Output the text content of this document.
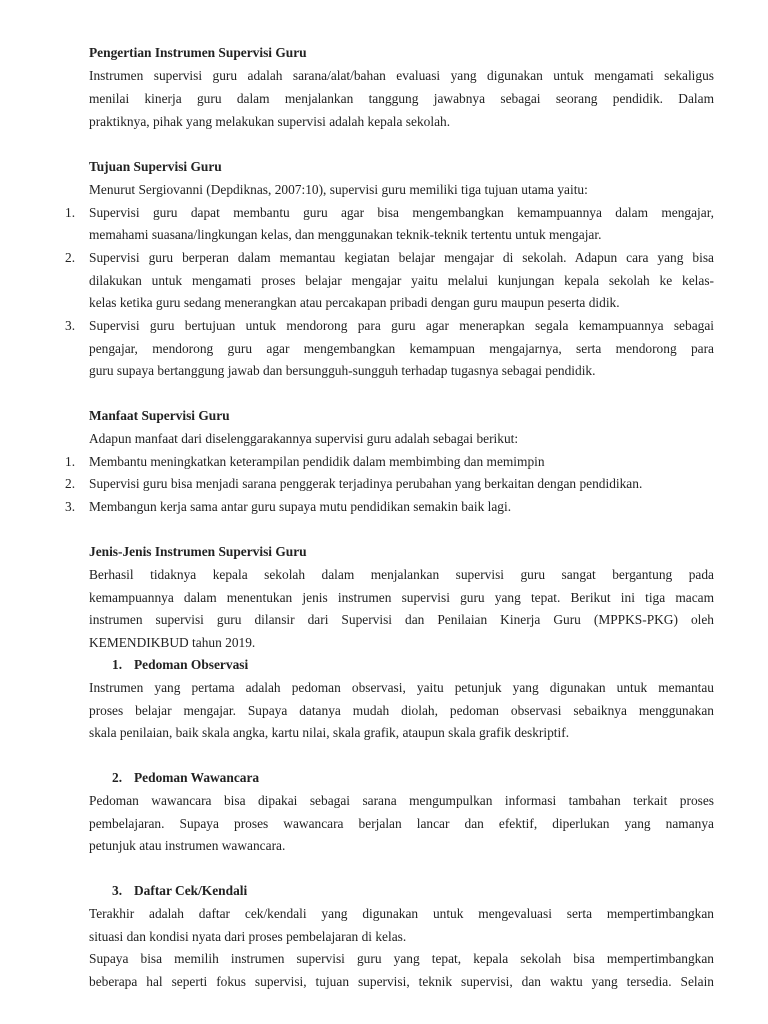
Pengertian Instrumen Supervisi Guru
Instrumen supervisi guru adalah sarana/alat/bahan evaluasi yang digunakan untuk mengamati sekaligus
menilai kinerja guru dalam menjalankan tanggung jawabnya sebagai seorang pendidik. Dalam
praktiknya, pihak yang melakukan supervisi adalah kepala sekolah.
Tujuan Supervisi Guru
Menurut Sergiovanni (Depdiknas, 2007:10), supervisi guru memiliki tiga tujuan utama yaitu:
1. Supervisi guru dapat membantu guru agar bisa mengembangkan kemampuannya dalam mengajar,
memahami suasana/lingkungan kelas, dan menggunakan teknik-teknik tertentu untuk mengajar.
2. Supervisi guru berperan dalam memantau kegiatan belajar mengajar di sekolah. Adapun cara yang bisa
dilakukan untuk mengamati proses belajar mengajar yaitu melalui kunjungan kepala sekolah ke kelas-
kelas ketika guru sedang menerangkan atau percakapan pribadi dengan guru maupun peserta didik.
3. Supervisi guru bertujuan untuk mendorong para guru agar menerapkan segala kemampuannya sebagai
pengajar, mendorong guru agar mengembangkan kemampuan mengajarnya, serta mendorong para
guru supaya bertanggung jawab dan bersungguh-sungguh terhadap tugasnya sebagai pendidik.
Manfaat Supervisi Guru
Adapun manfaat dari diselenggarakannya supervisi guru adalah sebagai berikut:
1. Membantu meningkatkan keterampilan pendidik dalam membimbing dan memimpin
2. Supervisi guru bisa menjadi sarana penggerak terjadinya perubahan yang berkaitan dengan pendidikan.
3. Membangun kerja sama antar guru supaya mutu pendidikan semakin baik lagi.
Jenis-Jenis Instrumen Supervisi Guru
Berhasil tidaknya kepala sekolah dalam menjalankan supervisi guru sangat bergantung pada
kemampuannya dalam menentukan jenis instrumen supervisi guru yang tepat. Berikut ini tiga macam
instrumen supervisi guru dilansir dari Supervisi dan Penilaian Kinerja Guru (MPPKS-PKG) oleh
KEMENDIKBUD tahun 2019.
1. Pedoman Observasi
Instrumen yang pertama adalah pedoman observasi, yaitu petunjuk yang digunakan untuk memantau
proses belajar mengajar. Supaya datanya mudah diolah, pedoman observasi sebaiknya menggunakan
skala penilaian, baik skala angka, kartu nilai, skala grafik, ataupun skala grafik deskriptif.
2. Pedoman Wawancara
Pedoman wawancara bisa dipakai sebagai sarana mengumpulkan informasi tambahan terkait proses
pembelajaran. Supaya proses wawancara berjalan lancar dan efektif, diperlukan yang namanya
petunjuk atau instrumen wawancara.
3. Daftar Cek/Kendali
Terakhir adalah daftar cek/kendali yang digunakan untuk mengevaluasi serta mempertimbangkan
situasi dan kondisi nyata dari proses pembelajaran di kelas.
Supaya bisa memilih instrumen supervisi guru yang tepat, kepala sekolah bisa mempertimbangkan
beberapa hal seperti fokus supervisi, tujuan supervisi, teknik supervisi, dan waktu yang tersedia. Selain
